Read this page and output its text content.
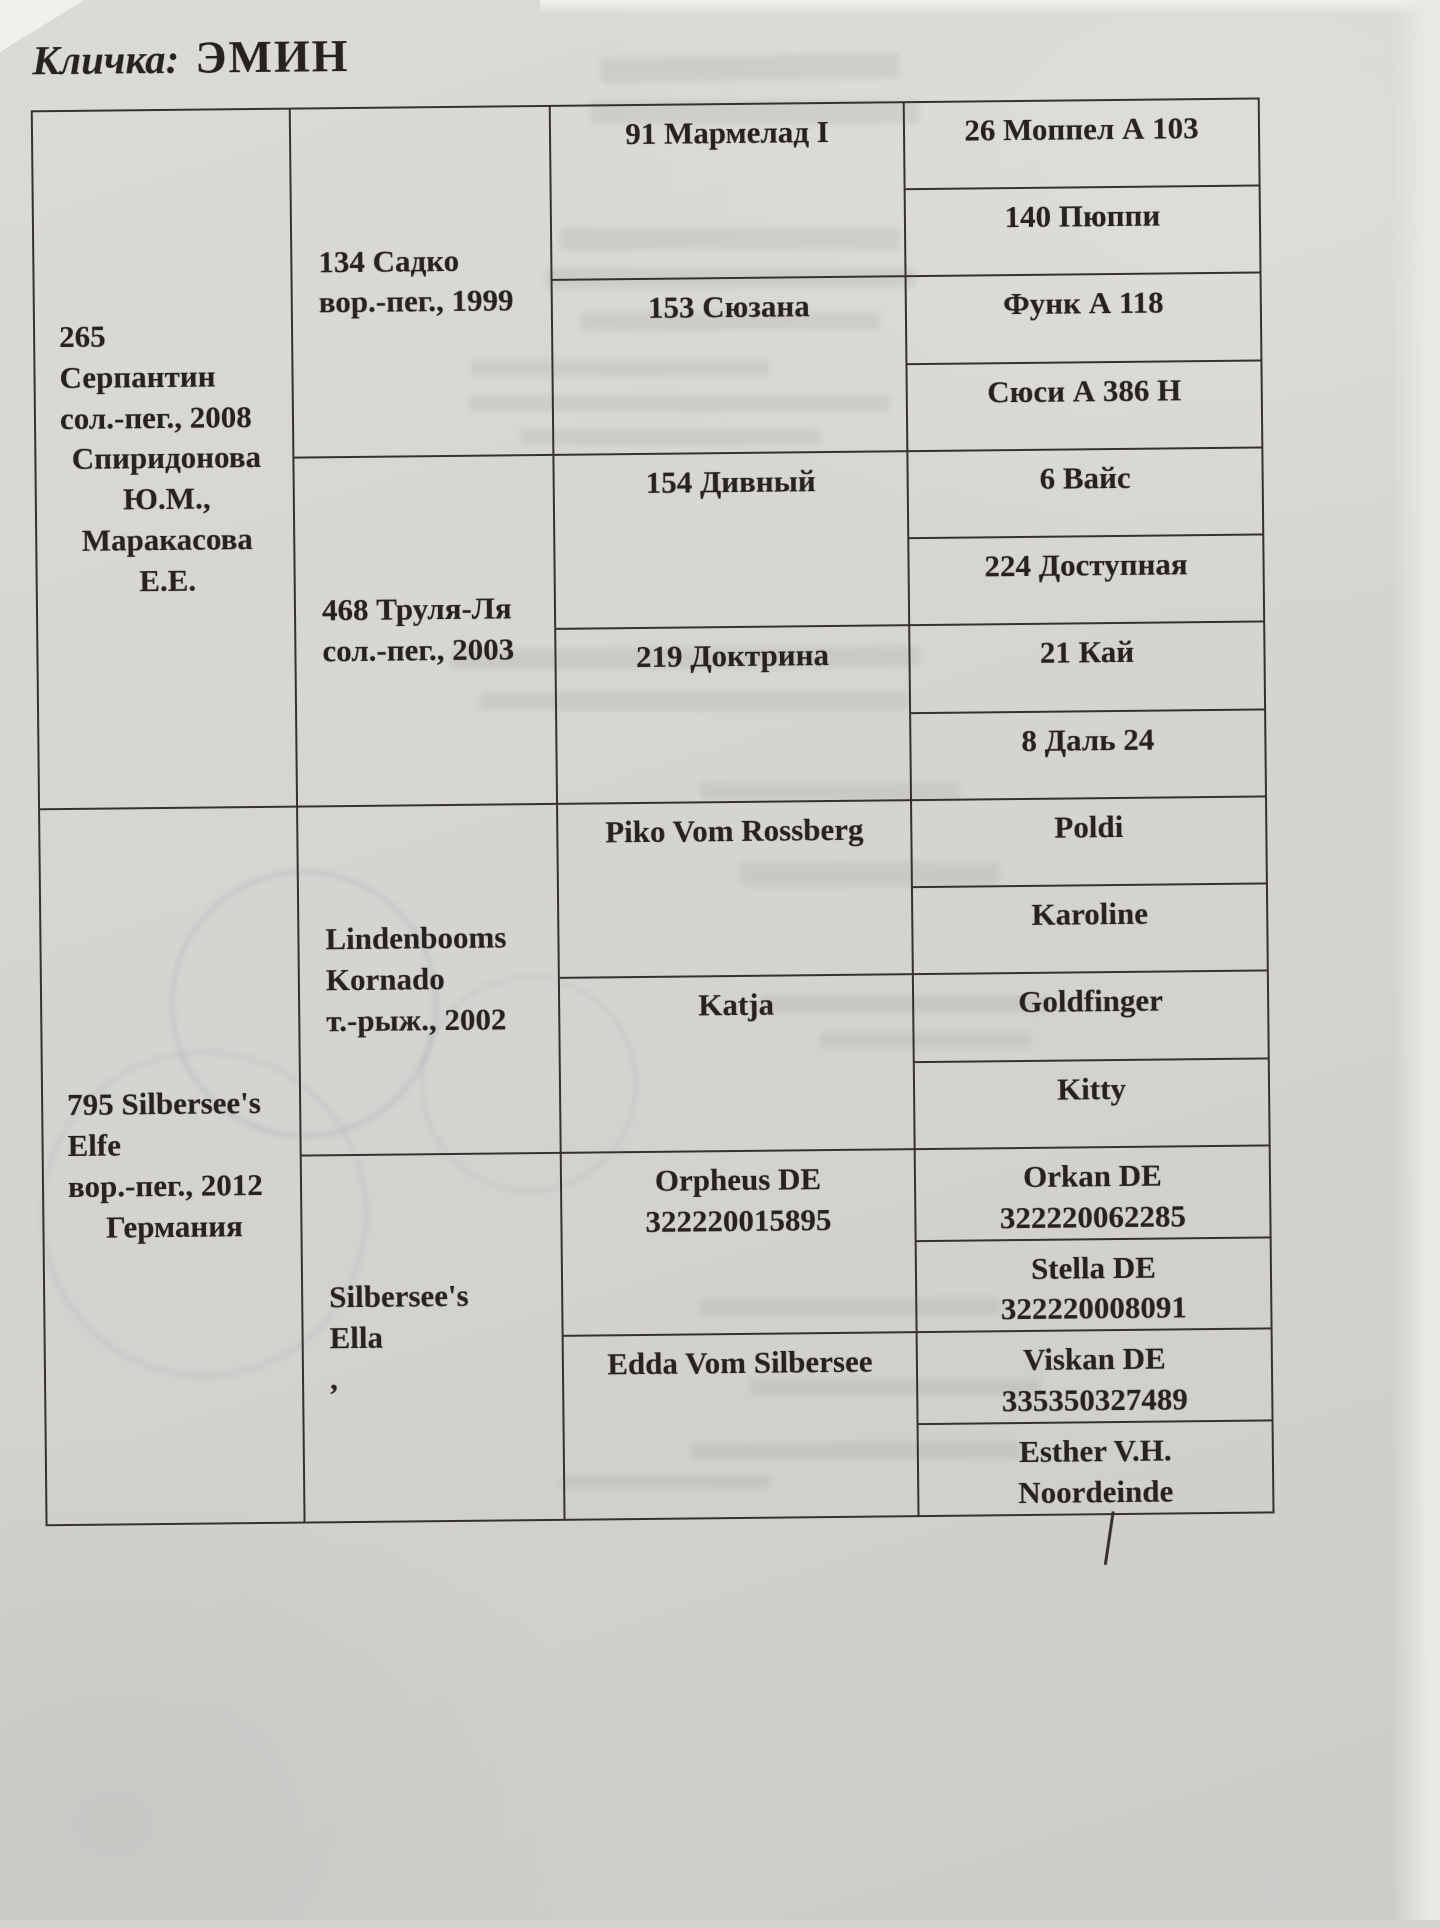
Кличка: ЭМИН
265
Серпантин
сол.-пег., 2008
Спиридонова
Ю.М.,
Маракасова
Е.Е.
795 Silbersee's
Elfe
вор.-пег., 2012
Германия
134 Садко
вор.-пег., 1999
468 Труля-Ля
сол.-пег., 2003
Lindenbooms
Kornado
т.-рыж., 2002
Silbersee's
Ella
,
91 Мармелад I
153 Сюзана
154 Дивный
219 Доктрина
Piko Vom Rossberg
Katja
Orpheus DE
322220015895
Edda Vom Silbersee
26 Моппел А 103
140 Пюппи
Функ А 118
Сюси А 386 Н
6 Вайс
224 Доступная
21 Кай
8 Даль 24
Poldi
Karoline
Goldfinger
Kitty
Orkan DE
322220062285
Stella DE
322220008091
Viskan DE
335350327489
Esther V.H.
Noordeinde
